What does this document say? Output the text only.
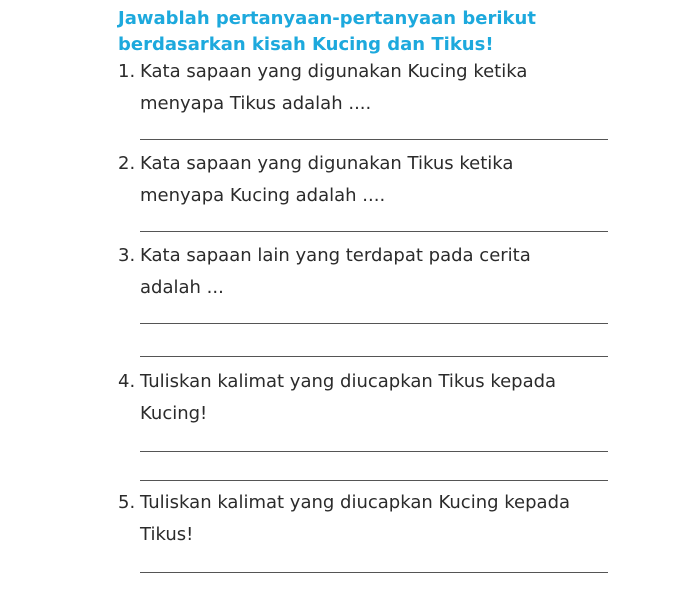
Jawablah pertanyaan-pertanyaan berikut
berdasarkan kisah Kucing dan Tikus!
1. Kata sapaan yang digunakan Kucing ketika
menyapa Tikus adalah ....
2. Kata sapaan yang digunakan Tikus ketika
menyapa Kucing adalah ....
3. Kata sapaan lain yang terdapat pada cerita
adalah ...
4. Tuliskan kalimat yang diucapkan Tikus kepada
Kucing!
5. Tuliskan kalimat yang diucapkan Kucing kepada
Tikus!
